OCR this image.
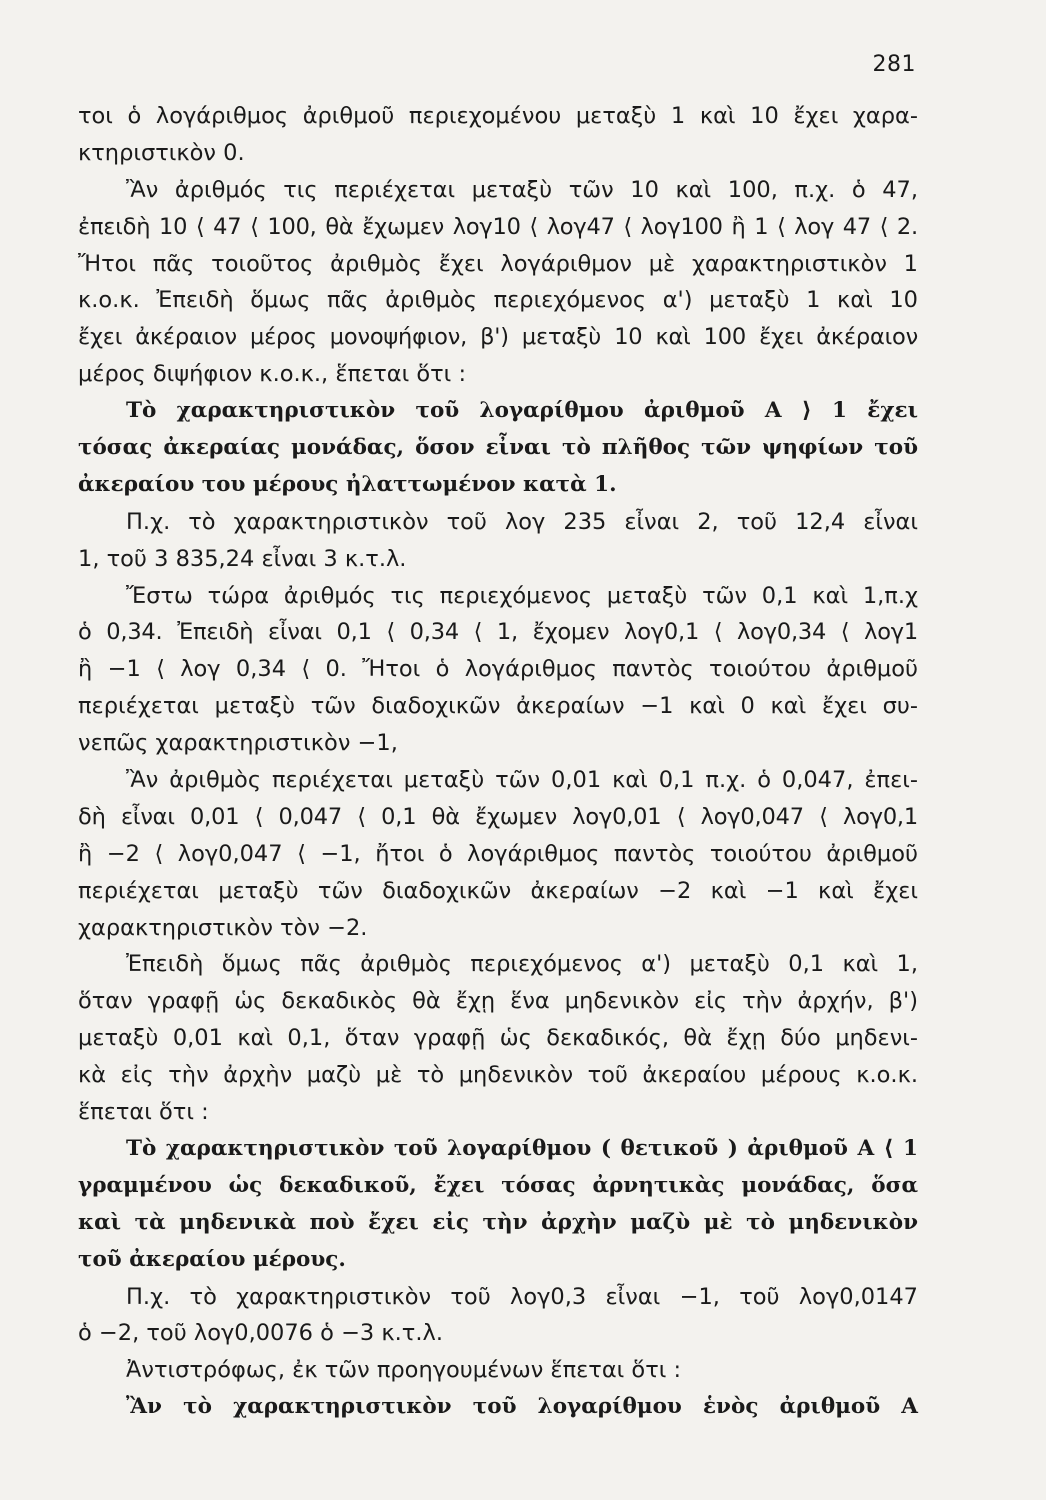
281
τοι ὁ λογάριθμος ἀριθμοῦ περιεχομένου μεταξὺ 1 καὶ 10 ἔχει χαρα-
κτηριστικὸν 0.
Ἂν ἀριθμός τις περιέχεται μεταξὺ τῶν 10 καὶ 100, π.χ. ὁ 47,
ἐπειδὴ 10 ⟨ 47 ⟨ 100, θὰ ἔχωμεν λογ10 ⟨ λογ47 ⟨ λογ100 ἢ 1 ⟨ λογ 47 ⟨ 2.
Ἤτοι πᾶς τοιοῦτος ἀριθμὸς ἔχει λογάριθμον μὲ χαρακτηριστικὸν 1
κ.ο.κ. Ἐπειδὴ ὅμως πᾶς ἀριθμὸς περιεχόμενος α') μεταξὺ 1 καὶ 10
ἔχει ἀκέραιον μέρος μονοψήφιον, β') μεταξὺ 10 καὶ 100 ἔχει ἀκέραιον
μέρος διψήφιον κ.ο.κ., ἕπεται ὅτι :
Τὸ χαρακτηριστικὸν τοῦ λογαρίθμου ἀριθμοῦ Α ⟩ 1 ἔχει
τόσας ἀκεραίας μονάδας, ὅσον εἶναι τὸ πλῆθος τῶν ψηφίων τοῦ
ἀκεραίου του μέρους ἠλαττωμένον κατὰ 1.
Π.χ. τὸ χαρακτηριστικὸν τοῦ λογ 235 εἶναι 2, τοῦ 12,4 εἶναι
1, τοῦ 3 835,24 εἶναι 3 κ.τ.λ.
Ἔστω τώρα ἀριθμός τις περιεχόμενος μεταξὺ τῶν 0,1 καὶ 1,π.χ
ὁ 0,34. Ἐπειδὴ εἶναι 0,1 ⟨ 0,34 ⟨ 1, ἔχομεν λογ0,1 ⟨ λογ0,34 ⟨ λογ1
ἢ −1 ⟨ λογ 0,34 ⟨ 0. Ἤτοι ὁ λογάριθμος παντὸς τοιούτου ἀριθμοῦ
περιέχεται μεταξὺ τῶν διαδοχικῶν ἀκεραίων −1 καὶ 0 καὶ ἔχει συ-
νεπῶς χαρακτηριστικὸν −1,
Ἂν ἀριθμὸς περιέχεται μεταξὺ τῶν 0,01 καὶ 0,1 π.χ. ὁ 0,047, ἐπει-
δὴ εἶναι 0,01 ⟨ 0,047 ⟨ 0,1 θὰ ἔχωμεν λογ0,01 ⟨ λογ0,047 ⟨ λογ0,1
ἢ −2 ⟨ λογ0,047 ⟨ −1, ἤτοι ὁ λογάριθμος παντὸς τοιούτου ἀριθμοῦ
περιέχεται μεταξὺ τῶν διαδοχικῶν ἀκεραίων −2 καὶ −1 καὶ ἔχει
χαρακτηριστικὸν τὸν −2.
Ἐπειδὴ ὅμως πᾶς ἀριθμὸς περιεχόμενος α') μεταξὺ 0,1 καὶ 1,
ὅταν γραφῇ ὡς δεκαδικὸς θὰ ἔχῃ ἕνα μηδενικὸν εἰς τὴν ἀρχήν, β')
μεταξὺ 0,01 καὶ 0,1, ὅταν γραφῇ ὡς δεκαδικός, θὰ ἔχῃ δύο μηδενι-
κὰ εἰς τὴν ἀρχὴν μαζὺ μὲ τὸ μηδενικὸν τοῦ ἀκεραίου μέρους κ.ο.κ.
ἕπεται ὅτι :
Τὸ χαρακτηριστικὸν τοῦ λογαρίθμου ( θετικοῦ ) ἀριθμοῦ Α ⟨ 1
γραμμένου ὡς δεκαδικοῦ, ἔχει τόσας ἀρνητικὰς μονάδας, ὅσα
καὶ τὰ μηδενικὰ ποὺ ἔχει εἰς τὴν ἀρχὴν μαζὺ μὲ τὸ μηδενικὸν
τοῦ ἀκεραίου μέρους.
Π.χ. τὸ χαρακτηριστικὸν τοῦ λογ0,3 εἶναι −1, τοῦ λογ0,0147
ὁ −2, τοῦ λογ0,0076 ὁ −3 κ.τ.λ.
Ἀντιστρόφως, ἐκ τῶν προηγουμένων ἕπεται ὅτι :
Ἂν τὸ χαρακτηριστικὸν τοῦ λογαρίθμου ἑνὸς ἀριθμοῦ Α
